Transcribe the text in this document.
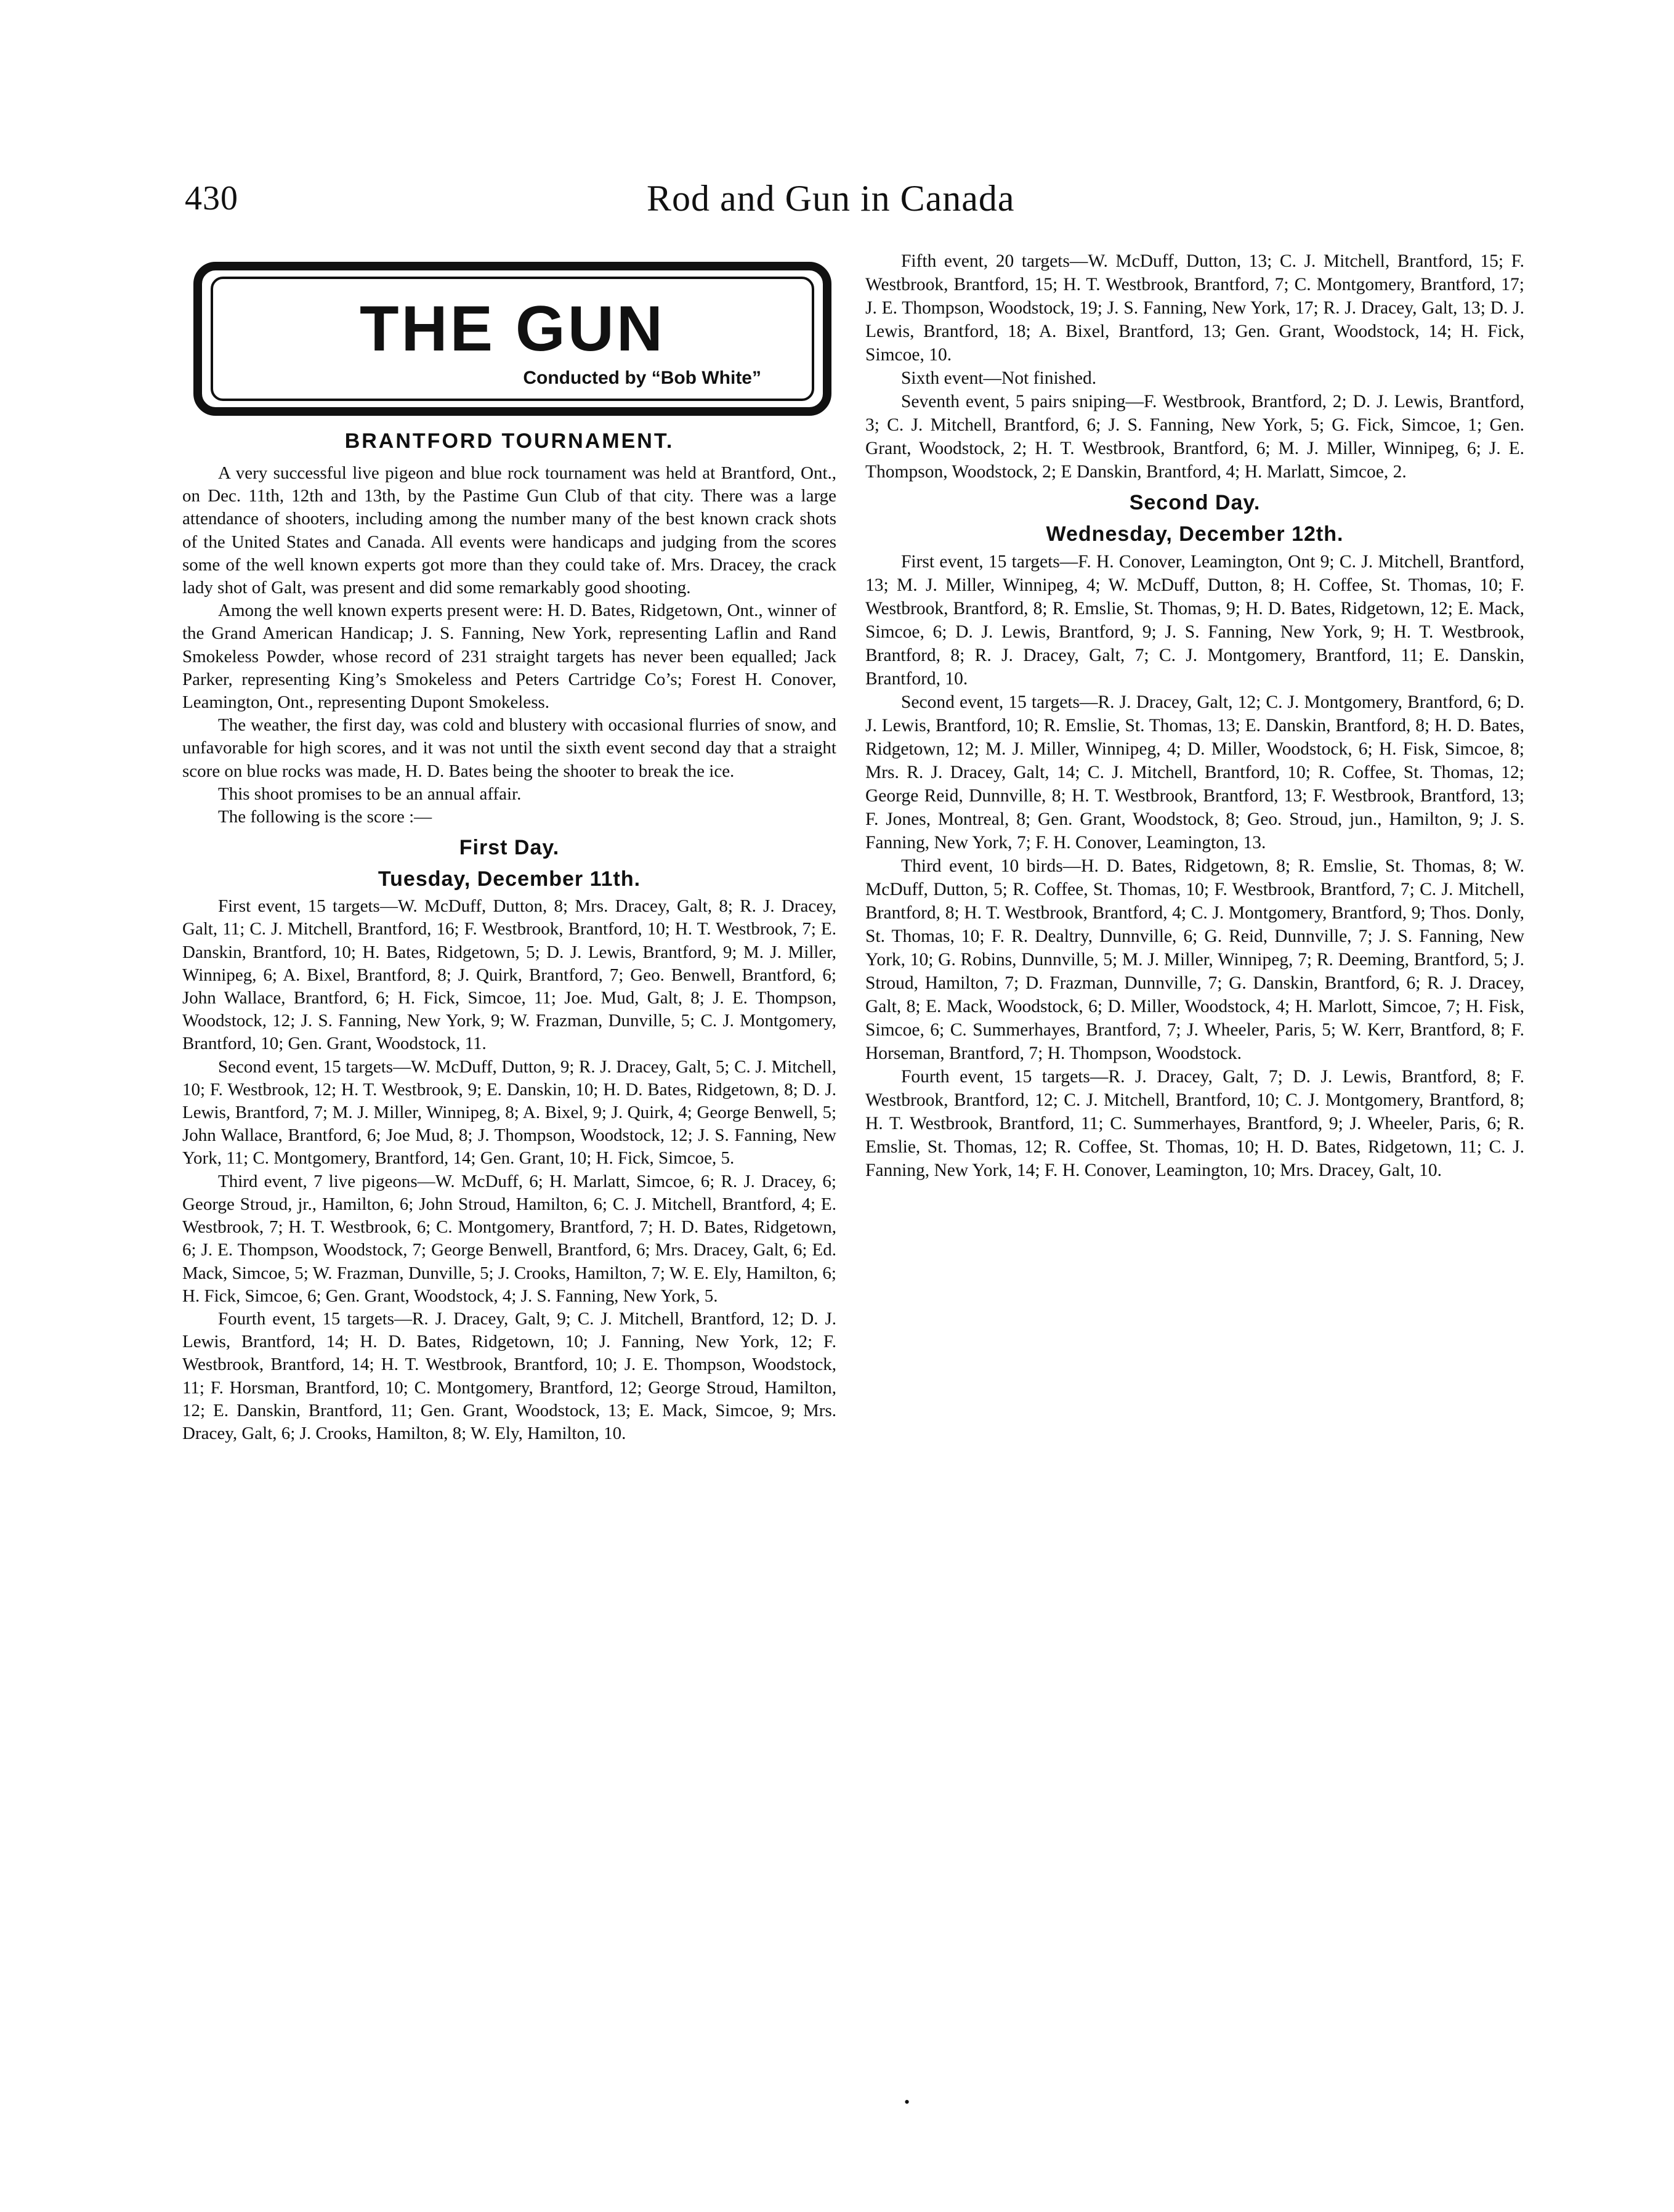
430	Rod and Gun in Canada
THE GUN
Conducted by “Bob White”
BRANTFORD TOURNAMENT.

A very successful live pigeon and blue rock tournament was held at Brantford, Ont., on Dec. 11th, 12th and 13th, by the Pastime Gun Club of that city. There was a large attendance of shooters, including among the number many of the best known crack shots of the United States and Canada. All events were handicaps and judging from the scores some of the well known experts got more than they could take of. Mrs. Dracey, the crack lady shot of Galt, was present and did some remarkably good shooting.

Among the well known experts present were: H. D. Bates, Ridgetown, Ont., winner of the Grand American Handicap; J. S. Fanning, New York, representing Laflin and Rand Smokeless Powder, whose record of 231 straight targets has never been equalled; Jack Parker, representing King’s Smokeless and Peters Cartridge Co’s; Forest H. Conover, Leamington, Ont., representing Dupont Smokeless.

The weather, the first day, was cold and blustery with occasional flurries of snow, and unfavorable for high scores, and it was not until the sixth event second day that a straight score on blue rocks was made, H. D. Bates being the shooter to break the ice.

This shoot promises to be an annual affair.

The following is the score :—

First Day.
Tuesday, December 11th.

First event, 15 targets—W. McDuff, Dutton, 8; Mrs. Dracey, Galt, 8; R. J. Dracey, Galt, 11; C. J. Mitchell, Brantford, 16; F. Westbrook, Brantford, 10; H. T. Westbrook, 7; E. Danskin, Brantford, 10; H. Bates, Ridgetown, 5; D. J. Lewis, Brantford, 9; M. J. Miller, Winnipeg, 6; A. Bixel, Brantford, 8; J. Quirk, Brantford, 7; Geo. Benwell, Brantford, 6; John Wallace, Brantford, 6; H. Fick, Simcoe, 11; Joe. Mud, Galt, 8; J. E. Thompson, Woodstock, 12; J. S. Fanning, New York, 9; W. Frazman, Dunville, 5; C. J. Montgomery, Brantford, 10; Gen. Grant, Woodstock, 11.

Second event, 15 targets—W. McDuff, Dutton, 9; R. J. Dracey, Galt, 5; C. J. Mitchell, 10; F. Westbrook, 12; H. T. Westbrook, 9; E. Danskin, 10; H. D. Bates, Ridgetown, 8; D. J. Lewis, Brantford, 7; M. J. Miller, Winnipeg, 8; A. Bixel, 9; J. Quirk, 4; George Benwell, 5; John Wallace, Brantford, 6; Joe Mud, 8; J. Thompson, Woodstock, 12; J. S. Fanning, New York, 11; C. Montgomery, Brantford, 14; Gen. Grant, 10; H. Fick, Simcoe, 5.

Third event, 7 live pigeons—W. McDuff, 6; H. Marlatt, Simcoe, 6; R. J. Dracey, 6; George Stroud, jr., Hamilton, 6; John Stroud, Hamilton, 6; C. J. Mitchell, Brantford, 4; E. Westbrook, 7; H. T. Westbrook, 6; C. Montgomery, Brantford, 7; H. D. Bates, Ridgetown, 6; J. E. Thompson, Woodstock, 7; George Benwell, Brantford, 6; Mrs. Dracey, Galt, 6; Ed. Mack, Simcoe, 5; W. Frazman, Dunville, 5; J. Crooks, Hamilton, 7; W. E. Ely, Hamilton, 6; H. Fick, Simcoe, 6; Gen. Grant, Woodstock, 4; J. S. Fanning, New York, 5.

Fourth event, 15 targets—R. J. Dracey, Galt, 9; C. J. Mitchell, Brantford, 12; D. J. Lewis, Brantford, 14; H. D. Bates, Ridgetown, 10; J. Fanning, New York, 12; F. Westbrook, Brantford, 14; H. T. Westbrook, Brantford, 10; J. E. Thompson, Woodstock, 11; F. Horsman, Brantford, 10; C. Montgomery, Brantford, 12; George Stroud, Hamilton, 12; E. Danskin, Brantford, 11; Gen. Grant, Woodstock, 13; E. Mack, Simcoe, 9; Mrs. Dracey, Galt, 6; J. Crooks, Hamilton, 8; W. Ely, Hamilton, 10.

Fifth event, 20 targets—W. McDuff, Dutton, 13; C. J. Mitchell, Brantford, 15; F. Westbrook, Brantford, 15; H. T. Westbrook, Brantford, 7; C. Montgomery, Brantford, 17; J. E. Thompson, Woodstock, 19; J. S. Fanning, New York, 17; R. J. Dracey, Galt, 13; D. J. Lewis, Brantford, 18; A. Bixel, Brantford, 13; Gen. Grant, Woodstock, 14; H. Fick, Simcoe, 10.

Sixth event—Not finished.

Seventh event, 5 pairs sniping—F. Westbrook, Brantford, 2; D. J. Lewis, Brantford, 3; C. J. Mitchell, Brantford, 6; J. S. Fanning, New York, 5; G. Fick, Simcoe, 1; Gen. Grant, Woodstock, 2; H. T. Westbrook, Brantford, 6; M. J. Miller, Winnipeg, 6; J. E. Thompson, Woodstock, 2; E Danskin, Brantford, 4; H. Marlatt, Simcoe, 2.

Second Day.
Wednesday, December 12th.

First event, 15 targets—F. H. Conover, Leamington, Ont 9; C. J. Mitchell, Brantford, 13; M. J. Miller, Winnipeg, 4; W. McDuff, Dutton, 8; H. Coffee, St. Thomas, 10; F. Westbrook, Brantford, 8; R. Emslie, St. Thomas, 9; H. D. Bates, Ridgetown, 12; E. Mack, Simcoe, 6; D. J. Lewis, Brantford, 9; J. S. Fanning, New York, 9; H. T. Westbrook, Brantford, 8; R. J. Dracey, Galt, 7; C. J. Montgomery, Brantford, 11; E. Danskin, Brantford, 10.

Second event, 15 targets—R. J. Dracey, Galt, 12; C. J. Montgomery, Brantford, 6; D. J. Lewis, Brantford, 10; R. Emslie, St. Thomas, 13; E. Danskin, Brantford, 8; H. D. Bates, Ridgetown, 12; M. J. Miller, Winnipeg, 4; D. Miller, Woodstock, 6; H. Fisk, Simcoe, 8; Mrs. R. J. Dracey, Galt, 14; C. J. Mitchell, Brantford, 10; R. Coffee, St. Thomas, 12; George Reid, Dunnville, 8; H. T. Westbrook, Brantford, 13; F. Westbrook, Brantford, 13; F. Jones, Montreal, 8; Gen. Grant, Woodstock, 8; Geo. Stroud, jun., Hamilton, 9; J. S. Fanning, New York, 7; F. H. Conover, Leamington, 13.

Third event, 10 birds—H. D. Bates, Ridgetown, 8; R. Emslie, St. Thomas, 8; W. McDuff, Dutton, 5; R. Coffee, St. Thomas, 10; F. Westbrook, Brantford, 7; C. J. Mitchell, Brantford, 8; H. T. Westbrook, Brantford, 4; C. J. Montgomery, Brantford, 9; Thos. Donly, St. Thomas, 10; F. R. Dealtry, Dunnville, 6; G. Reid, Dunnville, 7; J. S. Fanning, New York, 10; G. Robins, Dunnville, 5; M. J. Miller, Winnipeg, 7; R. Deeming, Brantford, 5; J. Stroud, Hamilton, 7; D. Frazman, Dunnville, 7; G. Danskin, Brantford, 6; R. J. Dracey, Galt, 8; E. Mack, Woodstock, 6; D. Miller, Woodstock, 4; H. Marlott, Simcoe, 7; H. Fisk, Simcoe, 6; C. Summerhayes, Brantford, 7; J. Wheeler, Paris, 5; W. Kerr, Brantford, 8; F. Horseman, Brantford, 7; H. Thompson, Woodstock.

Fourth event, 15 targets—R. J. Dracey, Galt, 7; D. J. Lewis, Brantford, 8; F. Westbrook, Brantford, 12; C. J. Mitchell, Brantford, 10; C. J. Montgomery, Brantford, 8; H. T. Westbrook, Brantford, 11; C. Summerhayes, Brantford, 9; J. Wheeler, Paris, 6; R. Emslie, St. Thomas, 12; R. Coffee, St. Thomas, 10; H. D. Bates, Ridgetown, 11; C. J. Fanning, New York, 14; F. H. Conover, Leamington, 10; Mrs. Dracey, Galt, 10.

•
